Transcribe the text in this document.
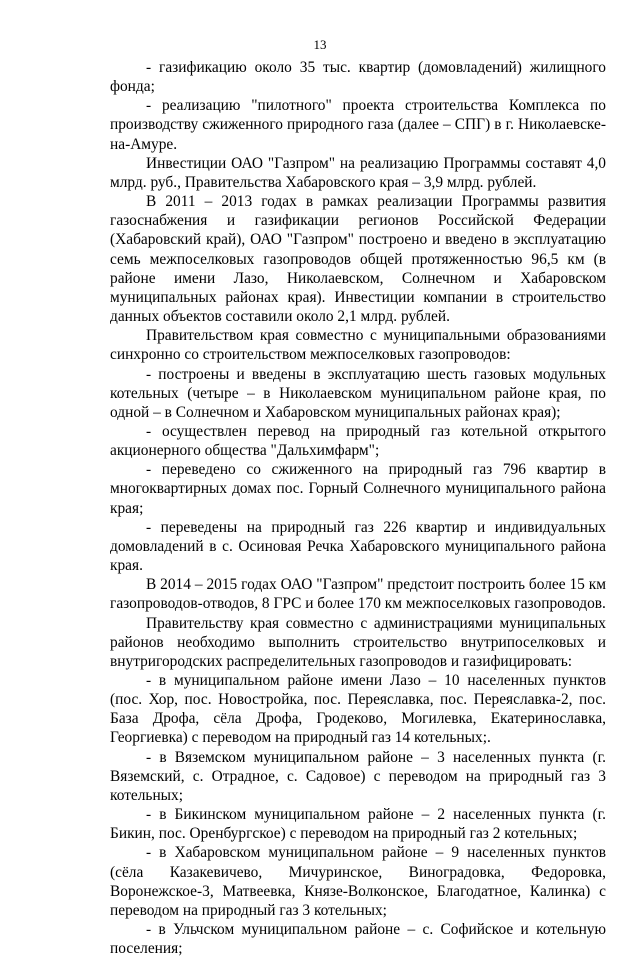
13

- газификацию около 35 тыс. квартир (домовладений) жилищного фонда;

- реализацию "пилотного" проекта строительства Комплекса по производству сжиженного природного газа (далее – СПГ) в г. Николаевске-на-Амуре.

Инвестиции ОАО "Газпром" на реализацию Программы составят 4,0 млрд. руб., Правительства Хабаровского края – 3,9 млрд. рублей.

В 2011 – 2013 годах в рамках реализации Программы развития газоснабжения и газификации регионов Российской Федерации (Хабаровский край), ОАО "Газпром" построено и введено в эксплуатацию семь межпоселковых газопроводов общей протяженностью 96,5 км (в районе имени Лазо, Николаевском, Солнечном и Хабаровском муниципальных районах края). Инвестиции компании в строительство данных объектов составили около 2,1 млрд. рублей.

Правительством края совместно с муниципальными образованиями синхронно со строительством межпоселковых газопроводов:

- построены и введены в эксплуатацию шесть газовых модульных котельных (четыре – в Николаевском муниципальном районе края, по одной – в Солнечном и Хабаровском муниципальных районах края);

- осуществлен перевод на природный газ котельной открытого акционерного общества "Дальхимфарм";

- переведено со сжиженного на природный газ 796 квартир в многоквартирных домах пос. Горный Солнечного муниципального района края;

- переведены на природный газ 226 квартир и индивидуальных домовладений в с. Осиновая Речка Хабаровского муниципального района края.

В 2014 – 2015 годах ОАО "Газпром" предстоит построить более 15 км газопроводов-отводов, 8 ГРС и более 170 км межпоселковых газопроводов.

Правительству края совместно с администрациями муниципальных районов необходимо выполнить строительство внутрипоселковых и внутригородских распределительных газопроводов и газифицировать:

- в муниципальном районе имени Лазо – 10 населенных пунктов (пос. Хор, пос. Новостройка, пос. Переяславка, пос. Переяславка-2, пос. База Дрофа, сёла Дрофа, Гродеково, Могилевка, Екатеринославка, Георгиевка) с переводом на природный газ 14 котельных;.

- в Вяземском муниципальном районе – 3 населенных пункта (г. Вяземский, с. Отрадное, с. Садовое) с переводом на природный газ 3 котельных;

- в Бикинском муниципальном районе – 2 населенных пункта (г. Бикин, пос. Оренбургское) с переводом на природный газ 2 котельных;

- в Хабаровском муниципальном районе – 9 населенных пунктов (сёла Казакевичево, Мичуринское, Виноградовка, Федоровка, Воронежское-3, Матвеевка, Князе-Волконское, Благодатное, Калинка) с переводом на природный газ 3 котельных;

- в Ульчском муниципальном районе – с. Софийское и котельную поселения;
